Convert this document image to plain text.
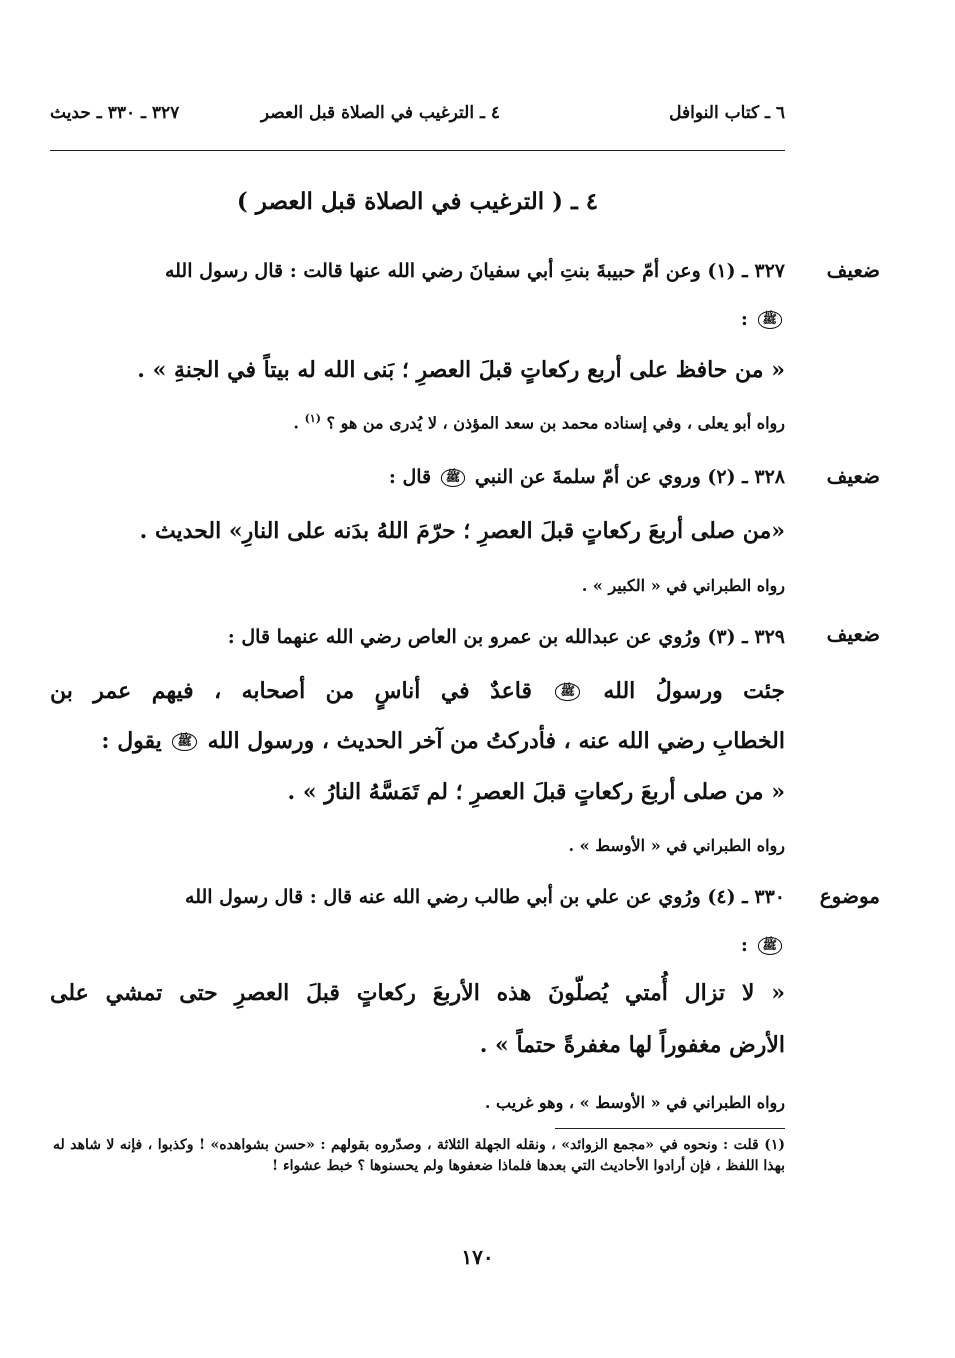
٦ ـ كتاب النوافل
٤ ـ الترغيب في الصلاة قبل العصر
٣٢٧ ـ ٣٣٠ ـ حديث
٤ ـ ( الترغيب في الصلاة قبل العصر )
ضعيف
٣٢٧ ـ (١) وعن أمّ حبيبةَ بنتِ أبي سفيانَ رضي الله عنها قالت : قال رسول الله
ﷺ :
« من حافظ على أربع ركعاتٍ قبلَ العصرِ ؛ بَنى الله له بيتاً في الجنةِ » .
رواه أبو يعلى ، وفي إسناده محمد بن سعد المؤذن ، لا يُدرى من هو ؟ $^{(١)}$ .
ضعيف
٣٢٨ ـ (٢) وروي عن أمّ سلمةَ عن النبي ﷺ قال :
«من صلى أربعَ ركعاتٍ قبلَ العصرِ ؛ حرّمَ اللهُ بدَنه على النارِ» الحديث .
رواه الطبراني في « الكبير » .
ضعيف
٣٢٩ ـ (٣) ورُوي عن عبدالله بن عمرو بن العاص رضي الله عنهما قال :
جئت ورسولُ الله ﷺ قاعدٌ في أناسٍ من أصحابه ، فيهم عمر بن
الخطابِ رضي الله عنه ، فأدركتُ من آخر الحديث ، ورسول الله ﷺ يقول :
« من صلى أربعَ ركعاتٍ قبلَ العصرِ ؛ لم تَمَسَّهُ النارُ » .
رواه الطبراني في « الأوسط » .
موضوع
٣٣٠ ـ (٤) ورُوي عن علي بن أبي طالب رضي الله عنه قال : قال رسول الله
ﷺ :
« لا تزال أُمتي يُصلّونَ هذه الأربعَ ركعاتٍ قبلَ العصرِ حتى تمشي على
الأرض مغفوراً لها مغفرةً حتماً » .
رواه الطبراني في « الأوسط » ، وهو غريب .
(١) قلت : ونحوه في «مجمع الزوائد» ، ونقله الجهلة الثلاثة ، وصدّروه بقولهم : «حسن بشواهده» ! وكذبوا ، فإنه لا شاهد له بهذا اللفظ ، فإن أرادوا الأحاديث التي بعدها فلماذا ضعفوها ولم يحسنوها ؟ خبط عشواء !
١٧٠
